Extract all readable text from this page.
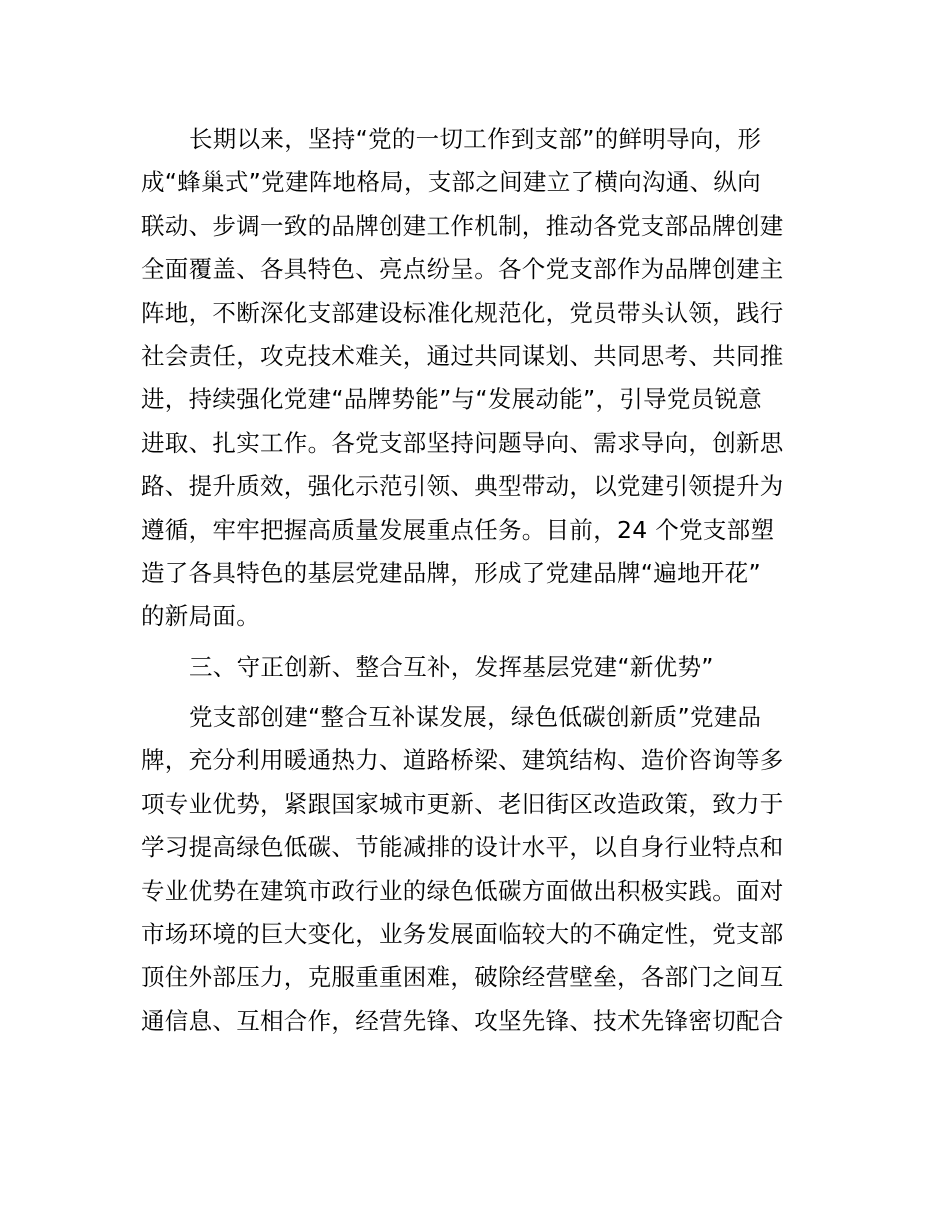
长期以来，坚持“党的一切工作到支部”的鲜明导向，形
成“蜂巢式”党建阵地格局，支部之间建立了横向沟通、纵向
联动、步调一致的品牌创建工作机制，推动各党支部品牌创建
全面覆盖、各具特色、亮点纷呈。各个党支部作为品牌创建主
阵地，不断深化支部建设标准化规范化，党员带头认领，践行
社会责任，攻克技术难关，通过共同谋划、共同思考、共同推
进，持续强化党建“品牌势能”与“发展动能”，引导党员锐意
进取、扎实工作。各党支部坚持问题导向、需求导向，创新思
路、提升质效，强化示范引领、典型带动，以党建引领提升为
遵循，牢牢把握高质量发展重点任务。目前，24 个党支部塑
造了各具特色的基层党建品牌，形成了党建品牌“遍地开花”
的新局面。
三、守正创新、整合互补，发挥基层党建“新优势”
党支部创建“整合互补谋发展，绿色低碳创新质”党建品
牌，充分利用暖通热力、道路桥梁、建筑结构、造价咨询等多
项专业优势，紧跟国家城市更新、老旧街区改造政策，致力于
学习提高绿色低碳、节能减排的设计水平，以自身行业特点和
专业优势在建筑市政行业的绿色低碳方面做出积极实践。面对
市场环境的巨大变化，业务发展面临较大的不确定性，党支部
顶住外部压力，克服重重困难，破除经营壁垒，各部门之间互
通信息、互相合作，经营先锋、攻坚先锋、技术先锋密切配合
